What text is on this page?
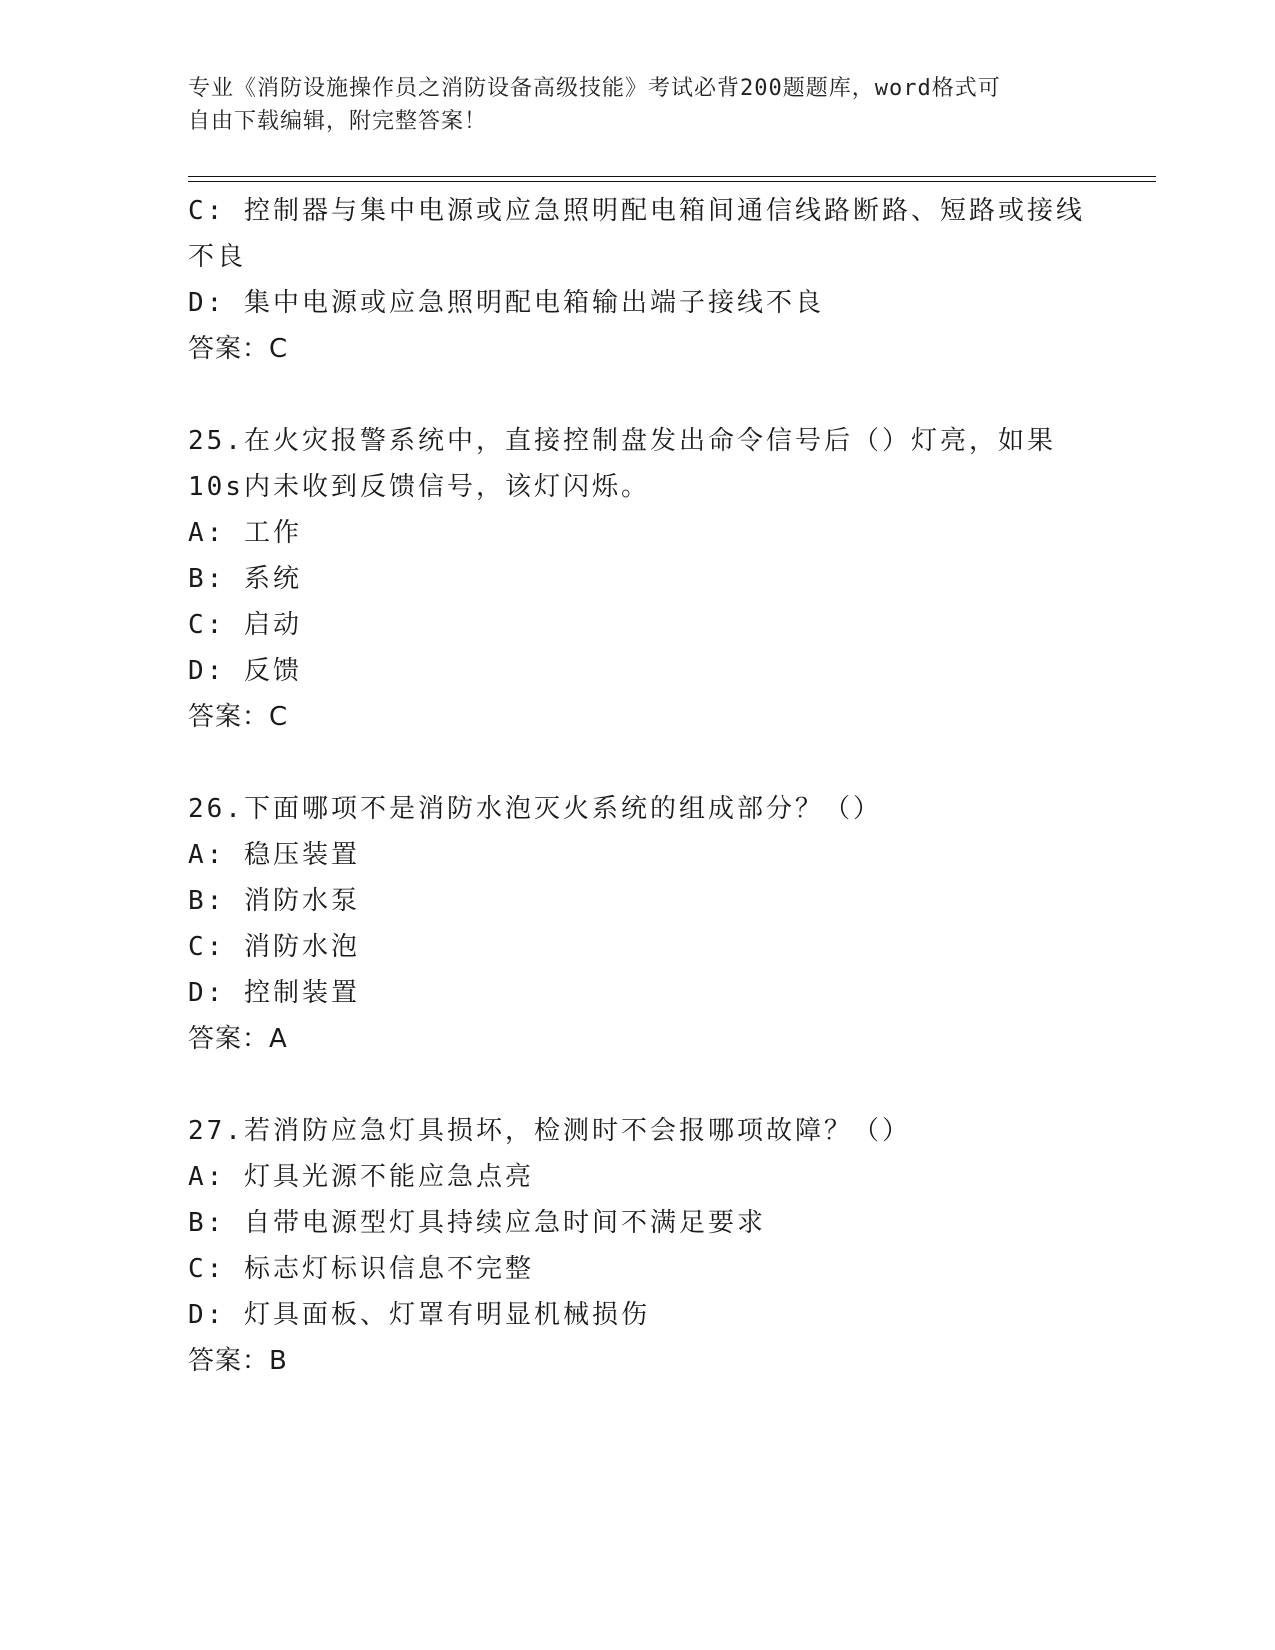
专业《消防设施操作员之消防设备高级技能》考试必背200题题库，word格式可
自由下载编辑，附完整答案！
C: 控制器与集中电源或应急照明配电箱间通信线路断路、短路或接线
不良
D: 集中电源或应急照明配电箱输出端子接线不良
答案：C
25.在火灾报警系统中，直接控制盘发出命令信号后（）灯亮，如果
10s内未收到反馈信号，该灯闪烁。
A: 工作
B: 系统
C: 启动
D: 反馈
答案：C
26.下面哪项不是消防水泡灭火系统的组成部分？（）
A: 稳压装置
B: 消防水泵
C: 消防水泡
D: 控制装置
答案：A
27.若消防应急灯具损坏，检测时不会报哪项故障？（）
A: 灯具光源不能应急点亮
B: 自带电源型灯具持续应急时间不满足要求
C: 标志灯标识信息不完整
D: 灯具面板、灯罩有明显机械损伤
答案：B
